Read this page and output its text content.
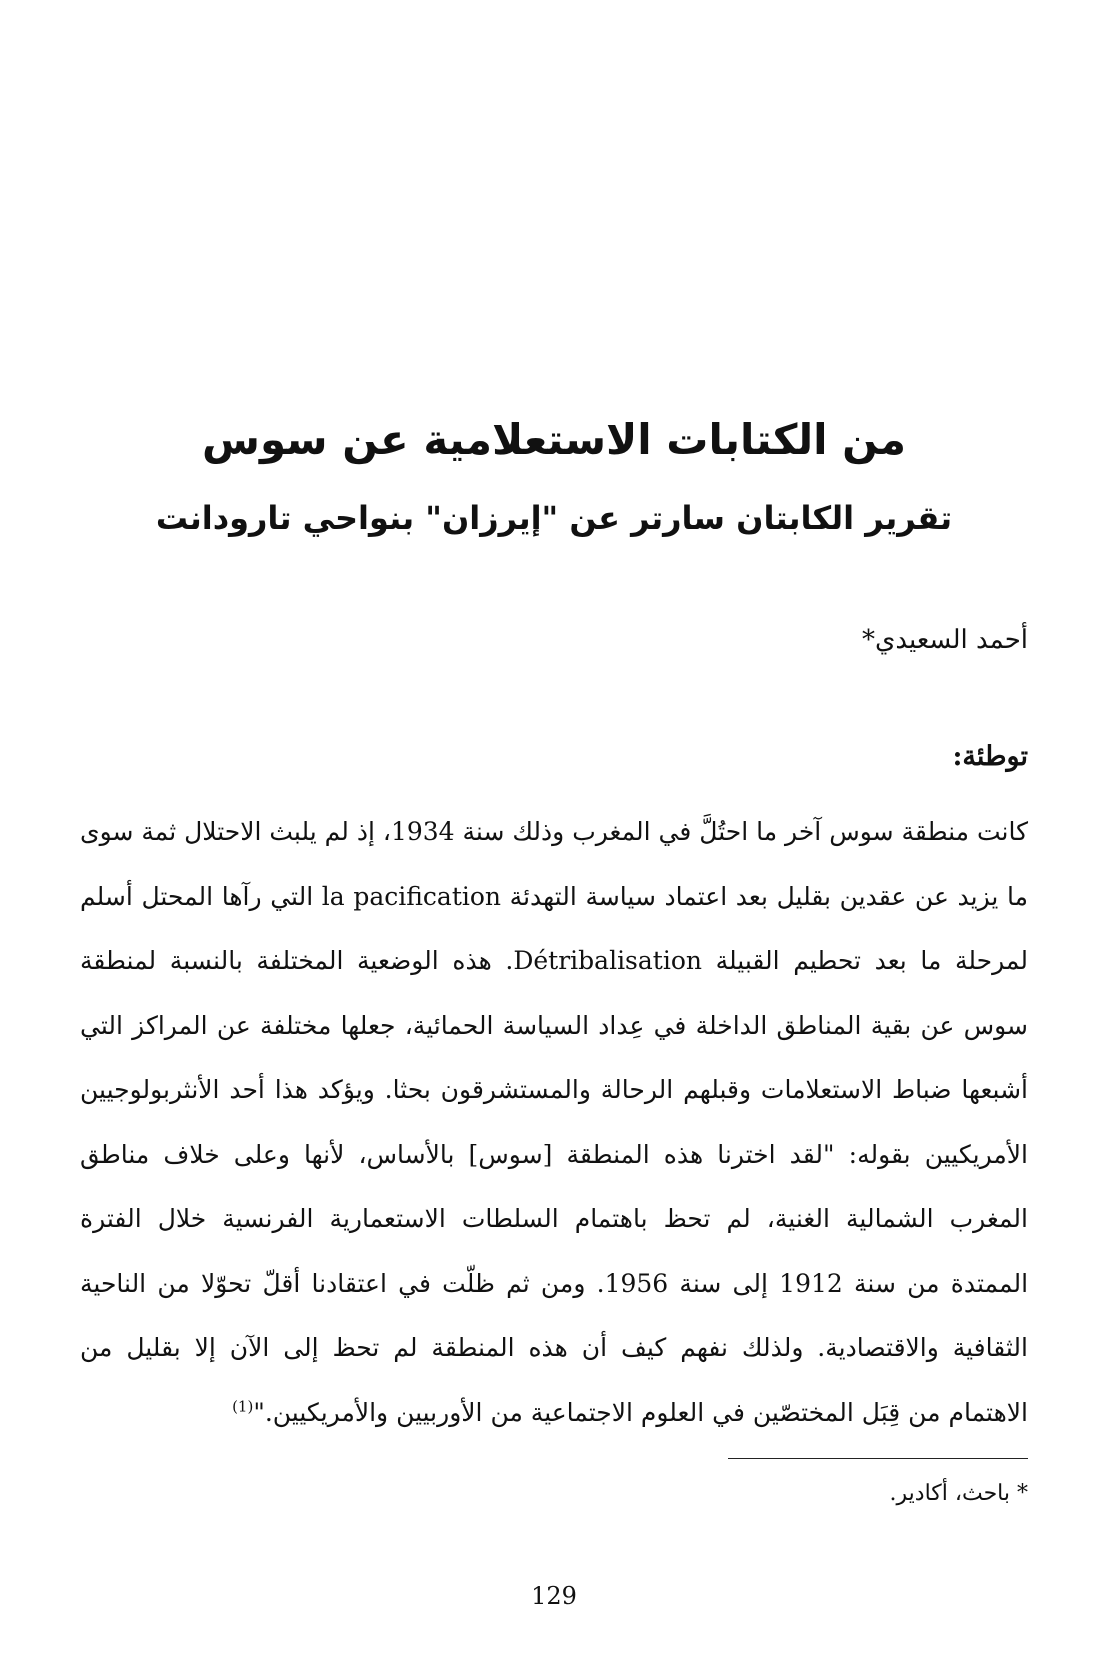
من الكتابات الاستعلامية عن سوس
تقرير الكابتان سارتر عن "إيرزان" بنواحي تارودانت

أحمد السعيدي*

توطئة:

كانت منطقة سوس آخر ما احتُلَّ في المغرب وذلك سنة 1934، إذ لم يلبث الاحتلال ثمة سوى ما يزيد عن عقدين بقليل بعد اعتماد سياسة التهدئة la pacification التي رآها المحتل أسلم لمرحلة ما بعد تحطيم القبيلة Détribalisation. هذه الوضعية المختلفة بالنسبة لمنطقة سوس عن بقية المناطق الداخلة في عِداد السياسة الحمائية، جعلها مختلفة عن المراكز التي أشبعها ضباط الاستعلامات وقبلهم الرحالة والمستشرقون بحثا. ويؤكد هذا أحد الأنثربولوجيين الأمريكيين بقوله: "لقد اخترنا هذه المنطقة [سوس] بالأساس، لأنها وعلى خلاف مناطق المغرب الشمالية الغنية، لم تحظ باهتمام السلطات الاستعمارية الفرنسية خلال الفترة الممتدة من سنة 1912 إلى سنة 1956. ومن ثم ظلّت في اعتقادنا أقلّ تحوّلا من الناحية الثقافية والاقتصادية. ولذلك نفهم كيف أن هذه المنطقة لم تحظ إلى الآن إلا بقليل من الاهتمام من قِبَل المختصّين في العلوم الاجتماعية من الأوربيين والأمريكيين."$^{(1)}$

* باحث، أكادير.

129
